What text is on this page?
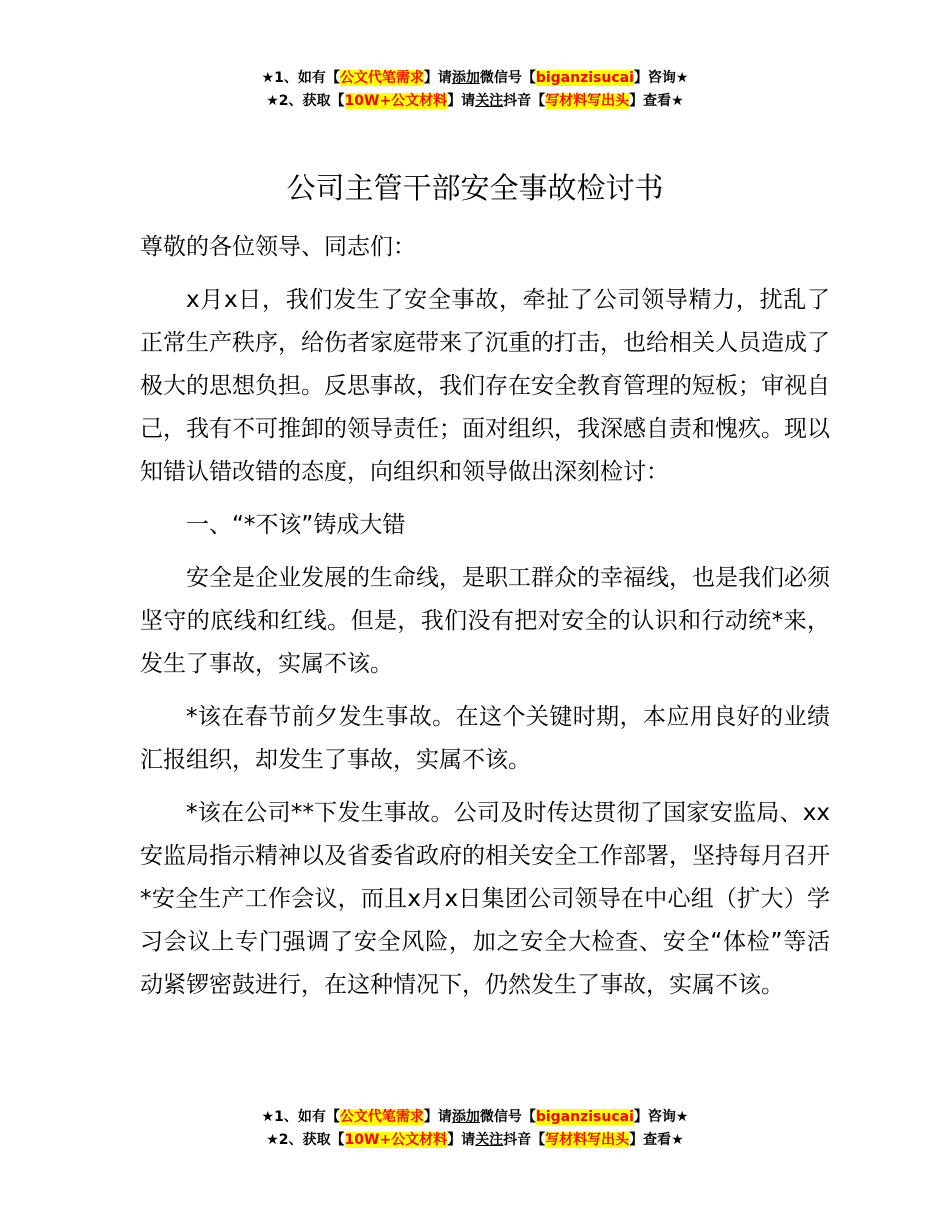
★1、如有【公文代笔需求】请添加微信号【biganzisucai】咨询★
★2、获取【10W+公文材料】请关注抖音【写材料写出头】查看★
公司主管干部安全事故检讨书

尊敬的各位领导、同志们：

x月x日，我们发生了安全事故，牵扯了公司领导精力，扰乱了正常生产秩序，给伤者家庭带来了沉重的打击，也给相关人员造成了极大的思想负担。反思事故，我们存在安全教育管理的短板；审视自己，我有不可推卸的领导责任；面对组织，我深感自责和愧疚。现以知错认错改错的态度，向组织和领导做出深刻检讨：

一、“*不该”铸成大错

安全是企业发展的生命线，是职工群众的幸福线，也是我们必须坚守的底线和红线。但是，我们没有把对安全的认识和行动统*来，发生了事故，实属不该。

*该在春节前夕发生事故。在这个关键时期，本应用良好的业绩汇报组织，却发生了事故，实属不该。

*该在公司**下发生事故。公司及时传达贯彻了国家安监局、xx安监局指示精神以及省委省政府的相关安全工作部署，坚持每月召开*安全生产工作会议，而且x月x日集团公司领导在中心组（扩大）学习会议上专门强调了安全风险，加之安全大检查、安全“体检”等活动紧锣密鼓进行，在这种情况下，仍然发生了事故，实属不该。

★1、如有【公文代笔需求】请添加微信号【biganzisucai】咨询★
★2、获取【10W+公文材料】请关注抖音【写材料写出头】查看★
